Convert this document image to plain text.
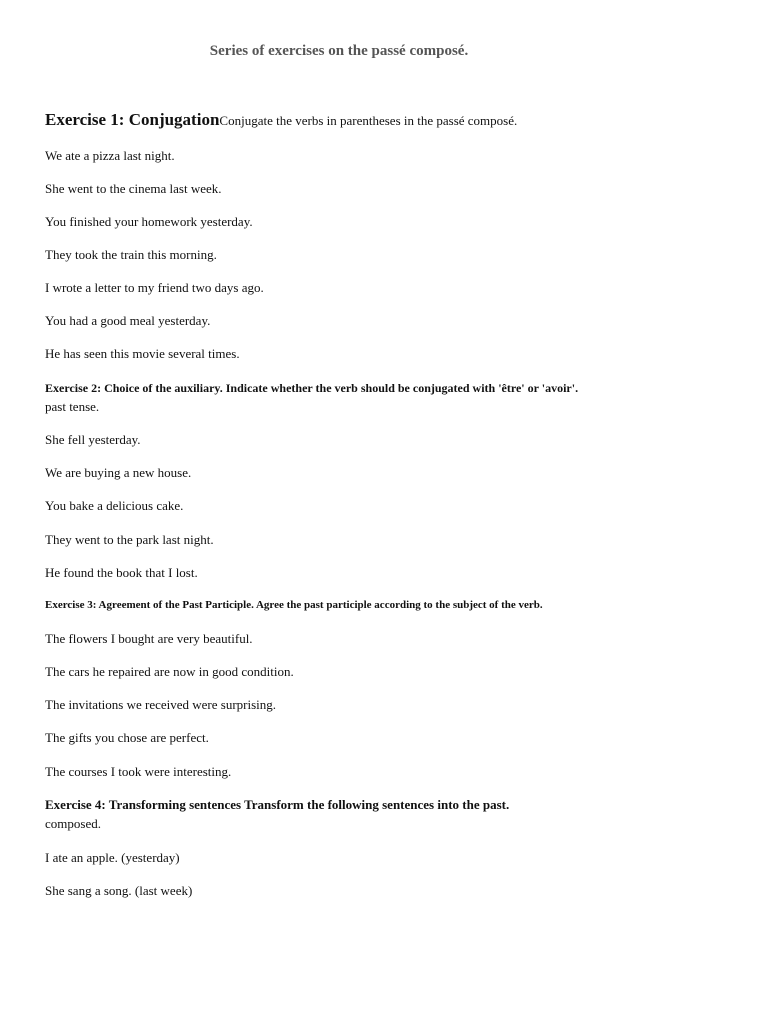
Series of exercises on the passé composé.
Exercise 1: ConjugationConjugate the verbs in parentheses in the passé composé.
We ate a pizza last night.
She went to the cinema last week.
You finished your homework yesterday.
They took the train this morning.
I wrote a letter to my friend two days ago.
You had a good meal yesterday.
He has seen this movie several times.
Exercise 2: Choice of the auxiliary. Indicate whether the verb should be conjugated with 'être' or 'avoir'.
past tense.
She fell yesterday.
We are buying a new house.
You bake a delicious cake.
They went to the park last night.
He found the book that I lost.
Exercise 3: Agreement of the Past Participle. Agree the past participle according to the subject of the verb.
The flowers I bought are very beautiful.
The cars he repaired are now in good condition.
The invitations we received were surprising.
The gifts you chose are perfect.
The courses I took were interesting.
Exercise 4: Transforming sentences Transform the following sentences into the past.
composed.
I ate an apple. (yesterday)
She sang a song. (last week)
